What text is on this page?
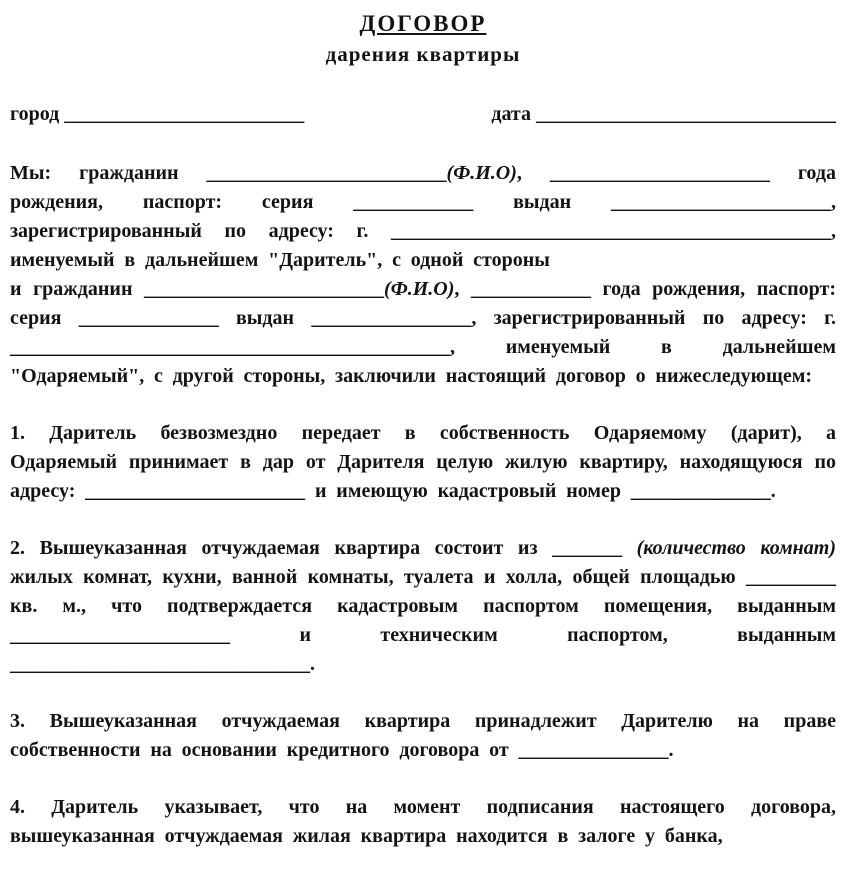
ДОГОВОР
дарения квартиры
город ________________________	дата ______________________________

Мы: гражданин ________________________(Ф.И.О), ______________________ года рождения, паспорт: серия ____________ выдан ______________________, зарегистрированный по адресу: г. ____________________________________________, именуемый в дальнейшем "Даритель", с одной стороны

и гражданин ________________________(Ф.И.О), ____________ года рождения, паспорт: серия ______________ выдан ________________, зарегистрированный по адресу: г. ____________________________________________, именуемый в дальнейшем "Одаряемый", с другой стороны, заключили настоящий договор о нижеследующем:

1. Даритель безвозмездно передает в собственность Одаряемому (дарит), а Одаряемый принимает в дар от Дарителя целую жилую квартиру, находящуюся по адресу: ______________________ и имеющую кадастровый номер ______________.

2. Вышеуказанная отчуждаемая квартира состоит из _______ (количество комнат) жилых комнат, кухни, ванной комнаты, туалета и холла, общей площадью _________ кв. м., что подтверждается кадастровым паспортом помещения, выданным ______________________ и техническим паспортом, выданным ______________________________.

3. Вышеуказанная отчуждаемая квартира принадлежит Дарителю на праве собственности на основании кредитного договора от _______________.

4. Даритель указывает, что на момент подписания настоящего договора, вышеуказанная отчуждаемая жилая квартира находится в залоге у банка,
